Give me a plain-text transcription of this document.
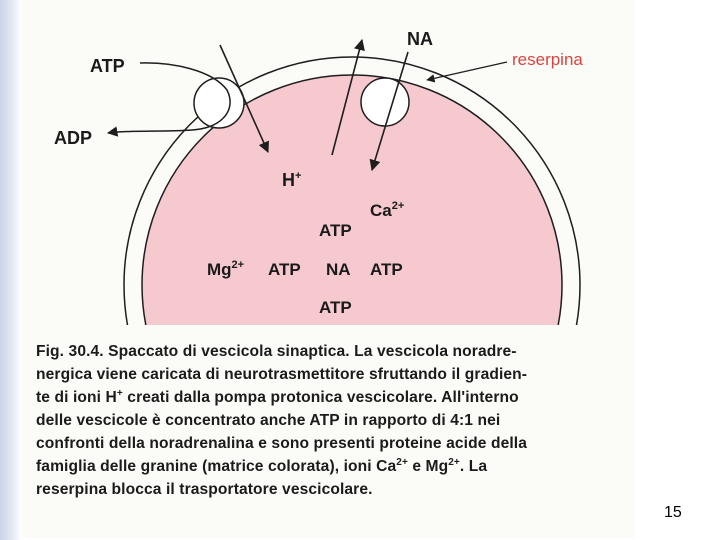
ATP
ADP
NA
reserpina
H+
$Ca^{2+}$
ATP
$Mg^{2+}$ ATP NA ATP
ATP
Fig. 30.4. Spaccato di vescicola sinaptica. La vescicola noradre-
nergica viene caricata di neurotrasmettitore sfruttando il gradien-
te di ioni H+ creati dalla pompa protonica vescicolare. All'interno
delle vescicole è concentrato anche ATP in rapporto di 4:1 nei
confronti della noradrenalina e sono presenti proteine acide della
famiglia delle granine (matrice colorata), ioni $Ca^{2+}$ e $Mg^{2+}$. La
reserpina blocca il trasportatore vescicolare.
15
